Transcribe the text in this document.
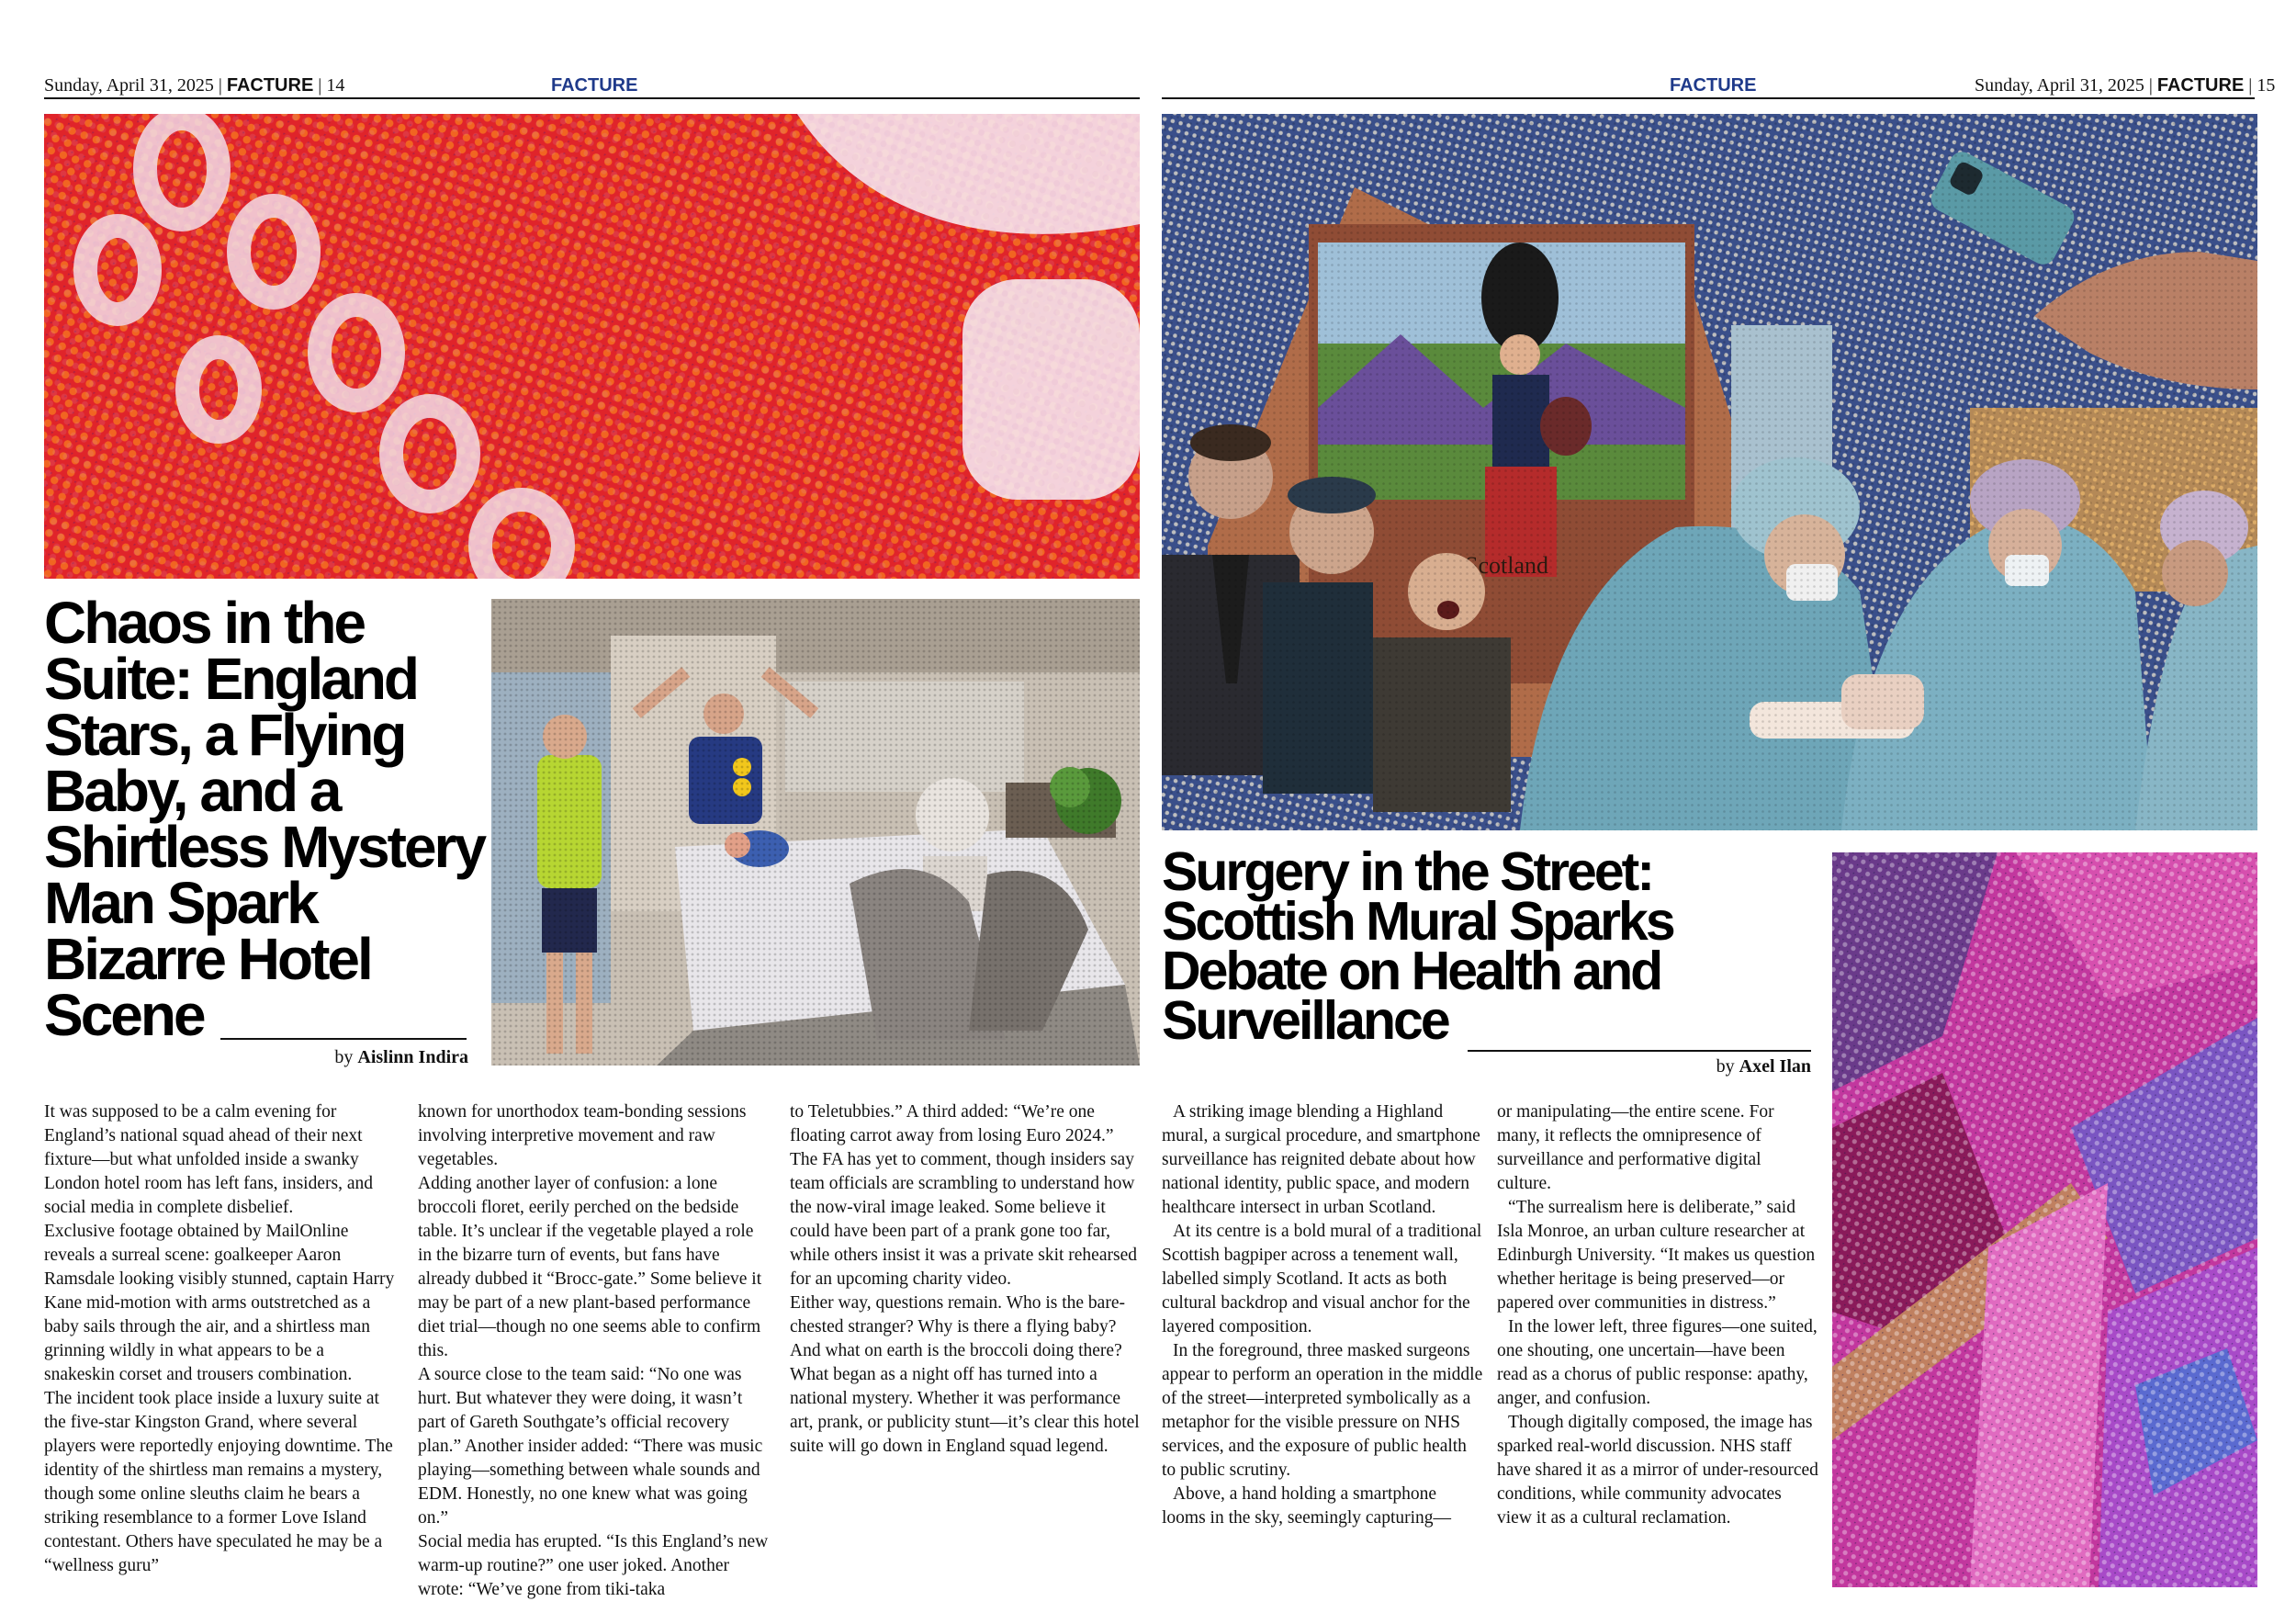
Sunday, April 31, 2025 | FACTURE | 14	FACTURE	FACTURE	Sunday, April 31, 2025 | FACTURE | 15
Chaos in the Suite: England Stars, a Flying Baby, and a Shirtless Mystery Man Spark Bizarre Hotel Scene
by Aislinn Indira

It was supposed to be a calm evening for England’s national squad ahead of their next fixture—but what unfolded inside a swanky London hotel room has left fans, insiders, and social media in complete disbelief.

Exclusive footage obtained by MailOnline reveals a surreal scene: goalkeeper Aaron Ramsdale looking visibly stunned, captain Harry Kane mid-motion with arms outstretched as a baby sails through the air, and a shirtless man grinning wildly in what appears to be a snakeskin corset and trousers combination.

The incident took place inside a luxury suite at the five-star Kingston Grand, where several players were reportedly enjoying downtime. The identity of the shirtless man remains a mystery, though some online sleuths claim he bears a striking resemblance to a former Love Island contestant. Others have speculated he may be a “wellness guru”

known for unorthodox team-bonding sessions involving interpretive movement and raw vegetables.

Adding another layer of confusion: a lone broccoli floret, eerily perched on the bedside table. It’s unclear if the vegetable played a role in the bizarre turn of events, but fans have already dubbed it “Brocc-gate.” Some believe it may be part of a new plant-based performance diet trial—though no one seems able to confirm this.

A source close to the team said: “No one was hurt. But whatever they were doing, it wasn’t part of Gareth Southgate’s official recovery plan.” Another insider added: “There was music playing—something between whale sounds and EDM. Honestly, no one knew what was going on.”

Social media has erupted. “Is this England’s new warm-up routine?” one user joked. Another wrote: “We’ve gone from tiki-taka

to Teletubbies.” A third added: “We’re one floating carrot away from losing Euro 2024.”

The FA has yet to comment, though insiders say team officials are scrambling to understand how the now-viral image leaked. Some believe it could have been part of a prank gone too far, while others insist it was a private skit rehearsed for an upcoming charity video.

Either way, questions remain. Who is the bare-chested stranger? Why is there a flying baby? And what on earth is the broccoli doing there?

What began as a night off has turned into a national mystery. Whether it was performance art, prank, or publicity stunt—it’s clear this hotel suite will go down in England squad legend.

Surgery in the Street: Scottish Mural Sparks Debate on Health and Surveillance
by Axel Ilan

A striking image blending a Highland mural, a surgical procedure, and smartphone surveillance has reignited debate about how national identity, public space, and modern healthcare intersect in urban Scotland.

At its centre is a bold mural of a traditional Scottish bagpiper across a tenement wall, labelled simply Scotland. It acts as both cultural backdrop and visual anchor for the layered composition.

In the foreground, three masked surgeons appear to perform an operation in the middle of the street—interpreted symbolically as a metaphor for the visible pressure on NHS services, and the exposure of public health to public scrutiny.

Above, a hand holding a smartphone looms in the sky, seemingly capturing—

or manipulating—the entire scene. For many, it reflects the omnipresence of surveillance and performative digital culture.

“The surrealism here is deliberate,” said Isla Monroe, an urban culture researcher at Edinburgh University. “It makes us question whether heritage is being preserved—or papered over communities in distress.”

In the lower left, three figures—one suited, one shouting, one uncertain—have been read as a chorus of public response: apathy, anger, and confusion.

Though digitally composed, the image has sparked real-world discussion. NHS staff have shared it as a mirror of under-resourced conditions, while community advocates view it as a cultural reclamation.
